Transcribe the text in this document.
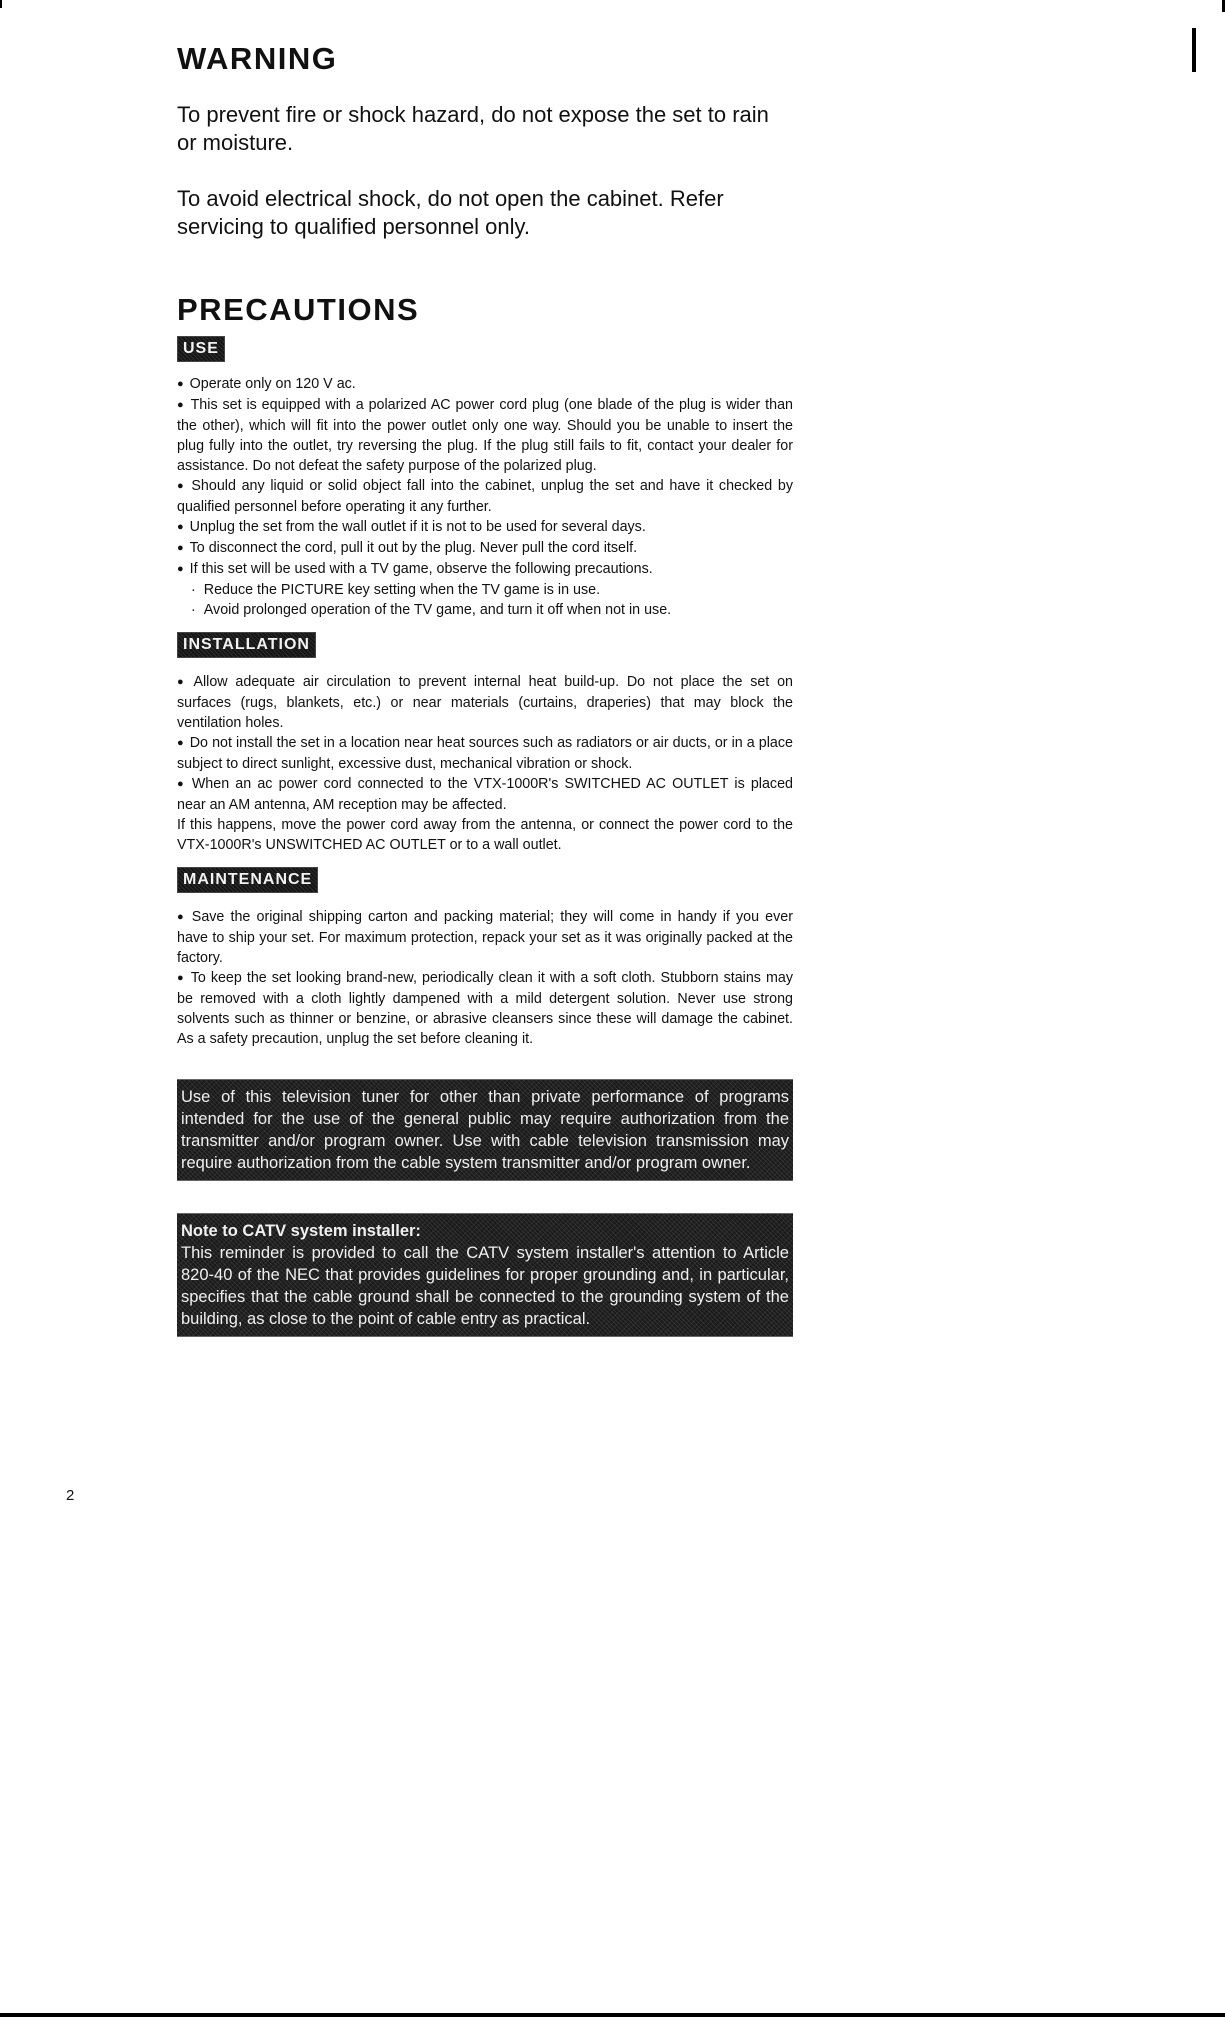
WARNING

To prevent fire or shock hazard, do not expose the set to rain or moisture.

To avoid electrical shock, do not open the cabinet. Refer servicing to qualified personnel only.

PRECAUTIONS
USE

● Operate only on 120 V ac.
● This set is equipped with a polarized AC power cord plug (one blade of the plug is wider than the other), which will fit into the power outlet only one way. Should you be unable to insert the plug fully into the outlet, try reversing the plug. If the plug still fails to fit, contact your dealer for assistance. Do not defeat the safety purpose of the polarized plug.
● Should any liquid or solid object fall into the cabinet, unplug the set and have it checked by qualified personnel before operating it any further.
● Unplug the set from the wall outlet if it is not to be used for several days.
● To disconnect the cord, pull it out by the plug. Never pull the cord itself.
● If this set will be used with a TV game, observe the following precautions.
· Reduce the PICTURE key setting when the TV game is in use.
· Avoid prolonged operation of the TV game, and turn it off when not in use.

INSTALLATION

● Allow adequate air circulation to prevent internal heat build-up. Do not place the set on surfaces (rugs, blankets, etc.) or near materials (curtains, draperies) that may block the ventilation holes.
● Do not install the set in a location near heat sources such as radiators or air ducts, or in a place subject to direct sunlight, excessive dust, mechanical vibration or shock.
● When an ac power cord connected to the VTX-1000R's SWITCHED AC OUTLET is placed near an AM antenna, AM reception may be affected.
If this happens, move the power cord away from the antenna, or connect the power cord to the VTX-1000R's UNSWITCHED AC OUTLET or to a wall outlet.

MAINTENANCE

● Save the original shipping carton and packing material; they will come in handy if you ever have to ship your set. For maximum protection, repack your set as it was originally packed at the factory.
● To keep the set looking brand-new, periodically clean it with a soft cloth. Stubborn stains may be removed with a cloth lightly dampened with a mild detergent solution. Never use strong solvents such as thinner or benzine, or abrasive cleansers since these will damage the cabinet. As a safety precaution, unplug the set before cleaning it.

Use of this television tuner for other than private performance of programs intended for the use of the general public may require authorization from the transmitter and/or program owner. Use with cable television transmission may require authorization from the cable system transmitter and/or program owner.
Note to CATV system installer:
This reminder is provided to call the CATV system installer's attention to Article 820-40 of the NEC that provides guidelines for proper grounding and, in particular, specifies that the cable ground shall be connected to the grounding system of the building, as close to the point of cable entry as practical.
2
